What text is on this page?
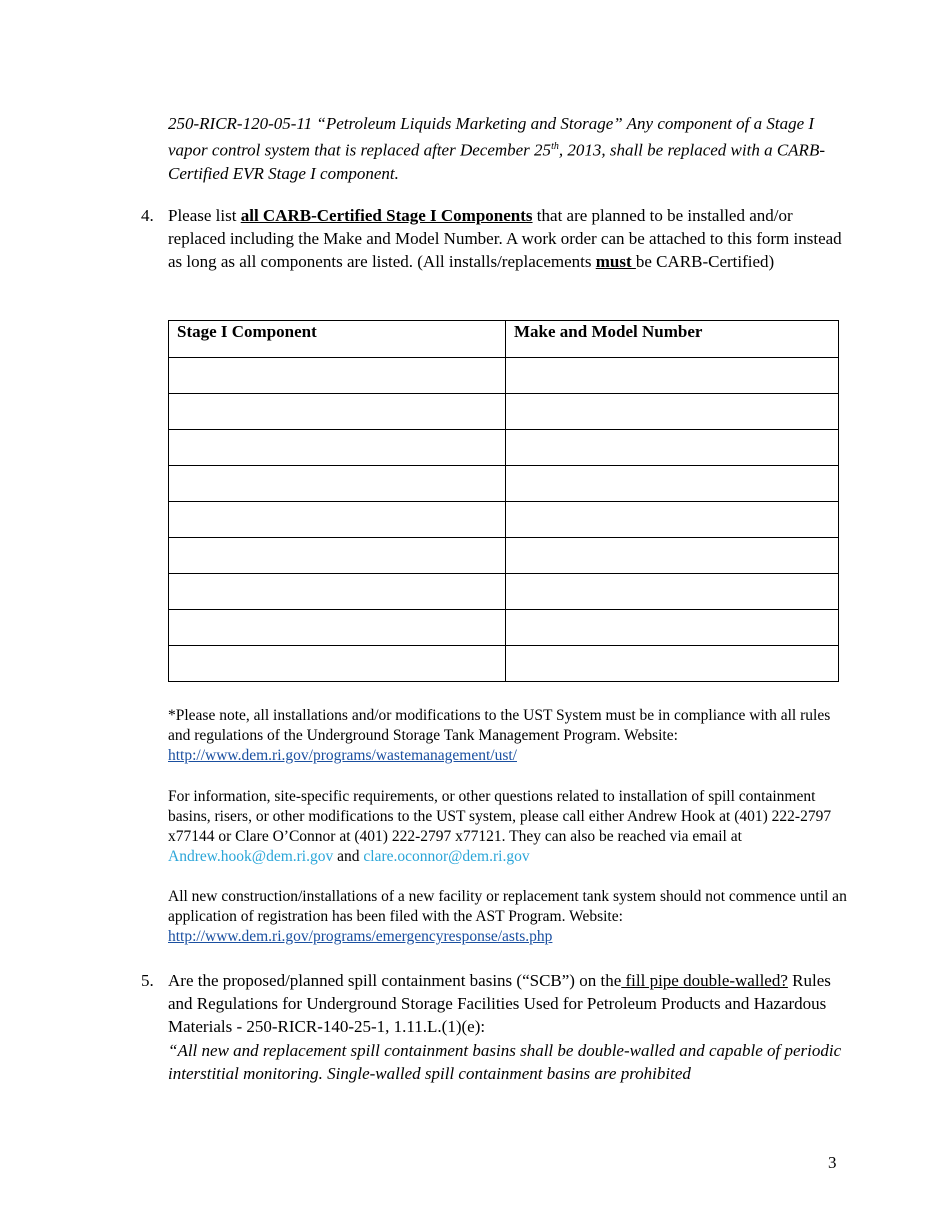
250-RICR-120-05-11 “Petroleum Liquids Marketing and Storage” Any component of a Stage I vapor control system that is replaced after December 25th, 2013, shall be replaced with a CARB-Certified EVR Stage I component.
4. Please list all CARB-Certified Stage I Components that are planned to be installed and/or replaced including the Make and Model Number. A work order can be attached to this form instead as long as all components are listed. (All installs/replacements must be CARB-Certified)
Stage I Component	Make and Model Number

*Please note, all installations and/or modifications to the UST System must be in compliance with all rules and regulations of the Underground Storage Tank Management Program. Website: http://www.dem.ri.gov/programs/wastemanagement/ust/
For information, site-specific requirements, or other questions related to installation of spill containment basins, risers, or other modifications to the UST system, please call either Andrew Hook at (401) 222-2797 x77144 or Clare O’Connor at (401) 222-2797 x77121. They can also be reached via email at Andrew.hook@dem.ri.gov and clare.oconnor@dem.ri.gov
All new construction/installations of a new facility or replacement tank system should not commence until an application of registration has been filed with the AST Program. Website: http://www.dem.ri.gov/programs/emergencyresponse/asts.php
5. Are the proposed/planned spill containment basins (“SCB”) on the fill pipe double-walled? Rules and Regulations for Underground Storage Facilities Used for Petroleum Products and Hazardous Materials - 250-RICR-140-25-1, 1.11.L.(1)(e):
“All new and replacement spill containment basins shall be double-walled and capable of periodic interstitial monitoring. Single-walled spill containment basins are prohibited
3
